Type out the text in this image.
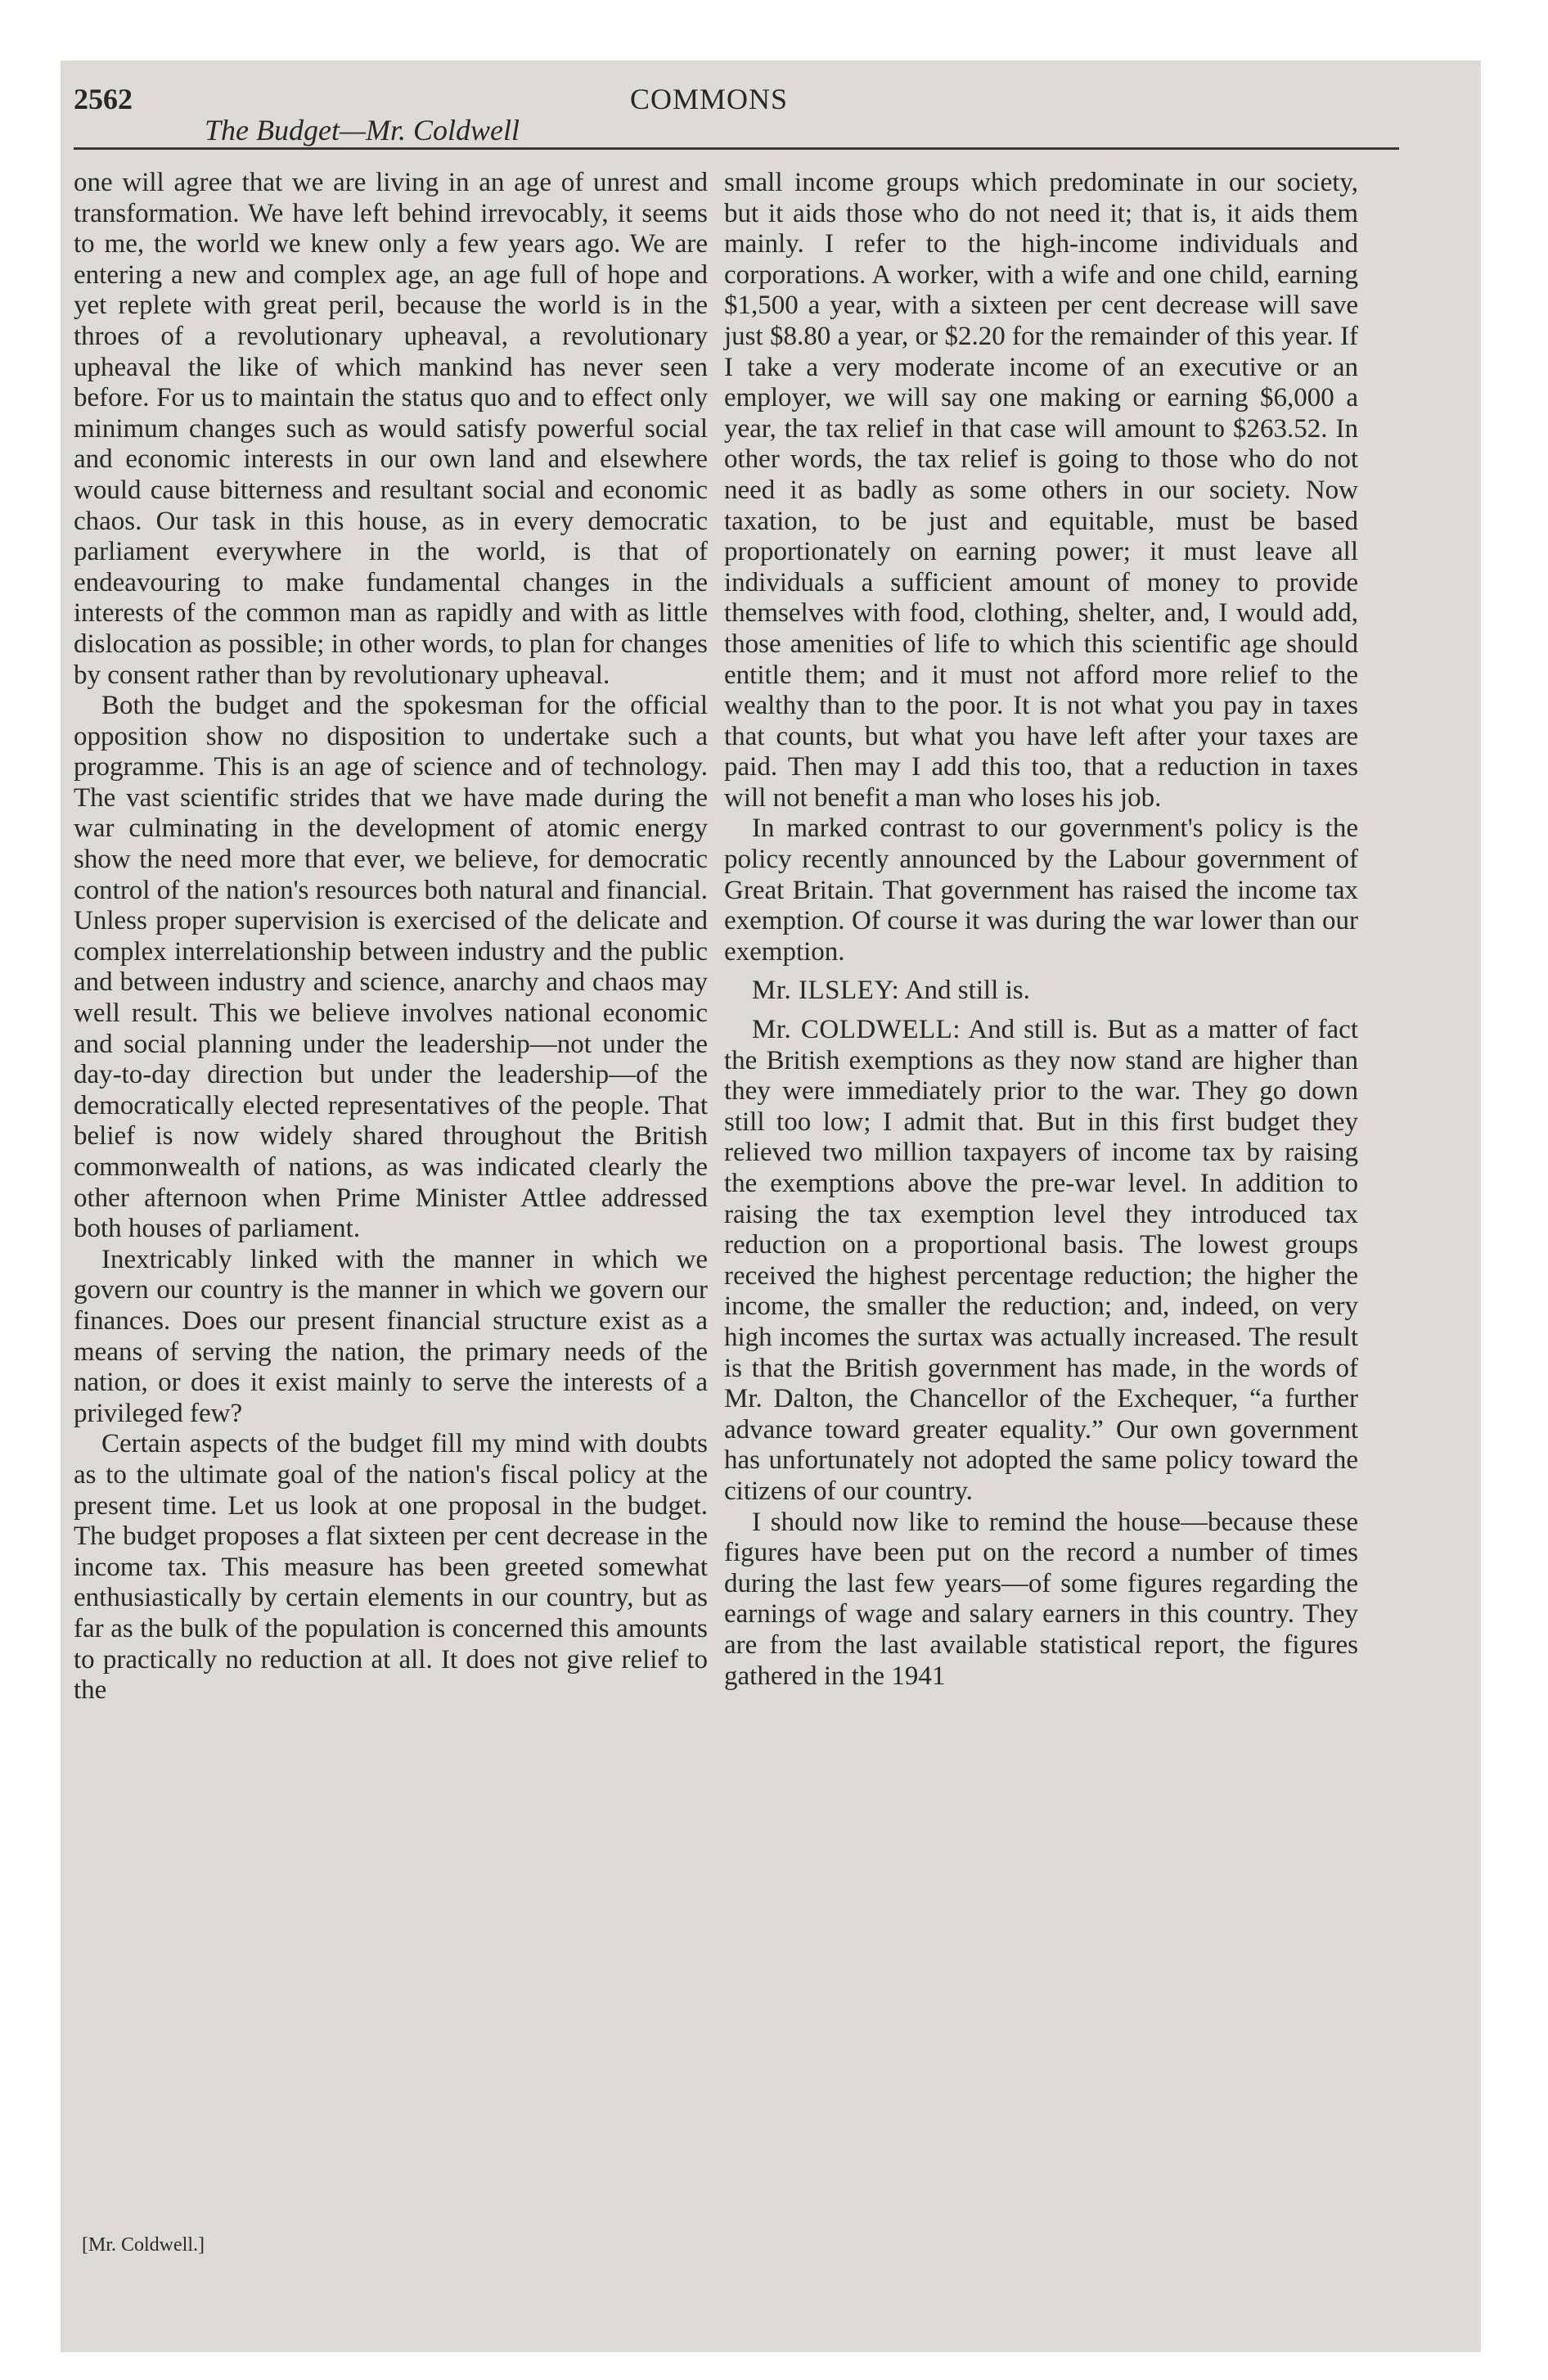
2562	COMMONS
The Budget—Mr. Coldwell

one will agree that we are living in an age of unrest and transformation. We have left behind irrevocably, it seems to me, the world we knew only a few years ago. We are entering a new and complex age, an age full of hope and yet replete with great peril, because the world is in the throes of a revolutionary upheaval, a revolutionary upheaval the like of which mankind has never seen before. For us to maintain the status quo and to effect only minimum changes such as would satisfy powerful social and economic interests in our own land and elsewhere would cause bitterness and resultant social and economic chaos. Our task in this house, as in every democratic parliament everywhere in the world, is that of endeavouring to make fundamental changes in the interests of the common man as rapidly and with as little dislocation as possible; in other words, to plan for changes by consent rather than by revolutionary upheaval.

Both the budget and the spokesman for the official opposition show no disposition to undertake such a programme. This is an age of science and of technology. The vast scientific strides that we have made during the war culminating in the development of atomic energy show the need more that ever, we believe, for democratic control of the nation's resources both natural and financial. Unless proper supervision is exercised of the delicate and complex interrelationship between industry and the public and between industry and science, anarchy and chaos may well result. This we believe involves national economic and social planning under the leadership—not under the day-to-day direction but under the leadership—of the democratically elected representatives of the people. That belief is now widely shared throughout the British commonwealth of nations, as was indicated clearly the other afternoon when Prime Minister Attlee addressed both houses of parliament.

Inextricably linked with the manner in which we govern our country is the manner in which we govern our finances. Does our present financial structure exist as a means of serving the nation, the primary needs of the nation, or does it exist mainly to serve the interests of a privileged few?

Certain aspects of the budget fill my mind with doubts as to the ultimate goal of the nation's fiscal policy at the present time. Let us look at one proposal in the budget. The budget proposes a flat sixteen per cent decrease in the income tax. This measure has been greeted somewhat enthusiastically by certain elements in our country, but as far as the bulk of the population is concerned this amounts to practically no reduction at all. It does not give relief to the

small income groups which predominate in our society, but it aids those who do not need it; that is, it aids them mainly. I refer to the high-income individuals and corporations. A worker, with a wife and one child, earning $1,500 a year, with a sixteen per cent decrease will save just $8.80 a year, or $2.20 for the remainder of this year. If I take a very moderate income of an executive or an employer, we will say one making or earning $6,000 a year, the tax relief in that case will amount to $263.52. In other words, the tax relief is going to those who do not need it as badly as some others in our society. Now taxation, to be just and equitable, must be based proportionately on earning power; it must leave all individuals a sufficient amount of money to provide themselves with food, clothing, shelter, and, I would add, those amenities of life to which this scientific age should entitle them; and it must not afford more relief to the wealthy than to the poor. It is not what you pay in taxes that counts, but what you have left after your taxes are paid. Then may I add this too, that a reduction in taxes will not benefit a man who loses his job.

In marked contrast to our government's policy is the policy recently announced by the Labour government of Great Britain. That government has raised the income tax exemption. Of course it was during the war lower than our exemption.

Mr. ILSLEY: And still is.

Mr. COLDWELL: And still is. But as a matter of fact the British exemptions as they now stand are higher than they were immediately prior to the war. They go down still too low; I admit that. But in this first budget they relieved two million taxpayers of income tax by raising the exemptions above the pre-war level. In addition to raising the tax exemption level they introduced tax reduction on a proportional basis. The lowest groups received the highest percentage reduction; the higher the income, the smaller the reduction; and, indeed, on very high incomes the surtax was actually increased. The result is that the British government has made, in the words of Mr. Dalton, the Chancellor of the Exchequer, “a further advance toward greater equality.” Our own government has unfortunately not adopted the same policy toward the citizens of our country.

I should now like to remind the house—because these figures have been put on the record a number of times during the last few years—of some figures regarding the earnings of wage and salary earners in this country. They are from the last available statistical report, the figures gathered in the 1941

[Mr. Coldwell.]
